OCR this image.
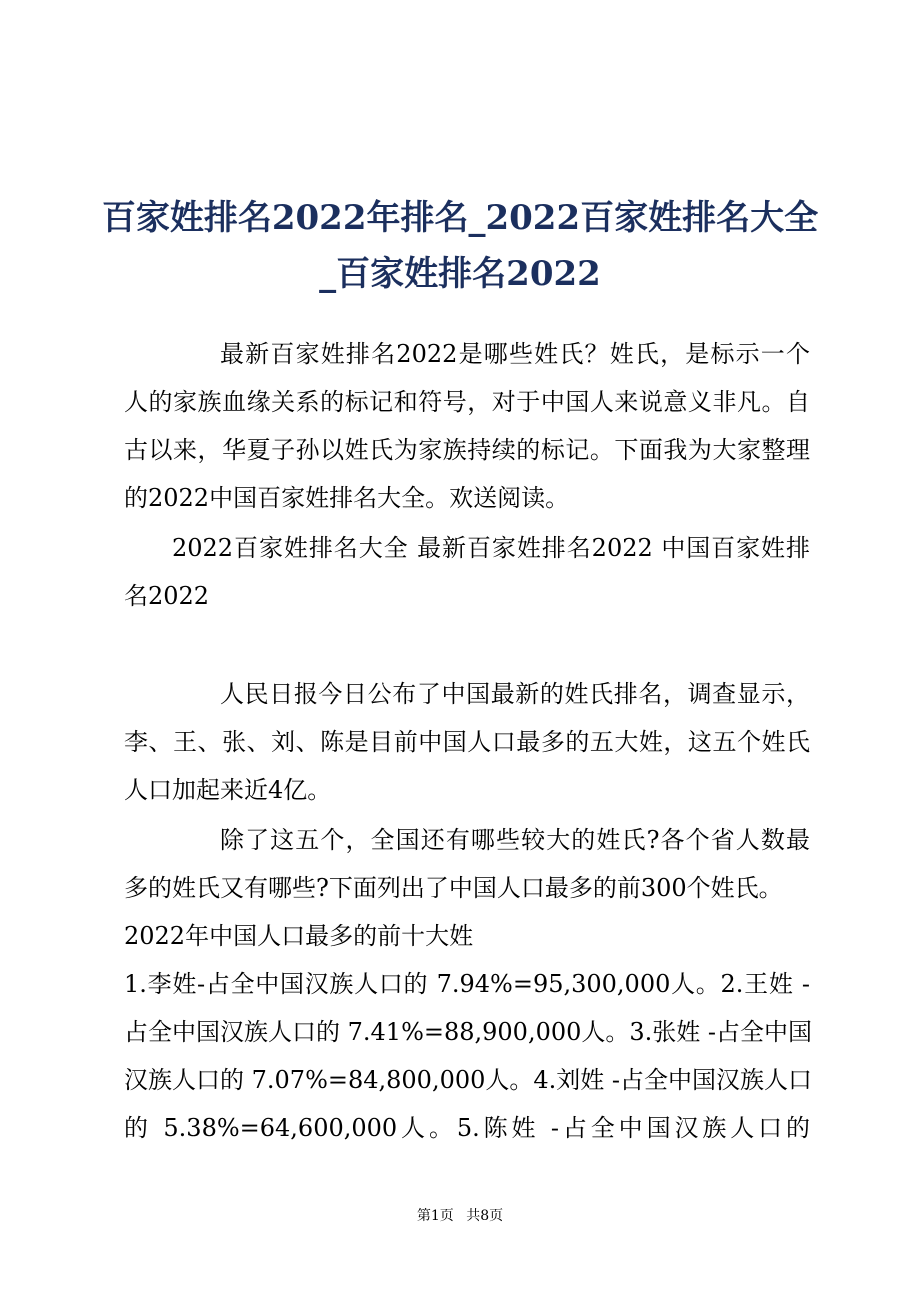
百家姓排名2022年排名_2022百家姓排名大全
_百家姓排名2022
最新百家姓排名2022是哪些姓氏？姓氏，是标示一个
人的家族血缘关系的标记和符号，对于中国人来说意义非凡。自
古以来，华夏子孙以姓氏为家族持续的标记。下面我为大家整理
的2022中国百家姓排名大全。欢送阅读。
2022百家姓排名大全 最新百家姓排名2022 中国百家姓排
名2022
人民日报今日公布了中国最新的姓氏排名，调查显示，
李、王、张、刘、陈是目前中国人口最多的五大姓，这五个姓氏
人口加起来近4亿。
除了这五个，全国还有哪些较大的姓氏?各个省人数最
多的姓氏又有哪些?下面列出了中国人口最多的前300个姓氏。
2022年中国人口最多的前十大姓
1.李姓-占全中国汉族人口的 7.94%=95,300,000人。2.王姓 -
占全中国汉族人口的 7.41%=88,900,000人。3.张姓 -占全中国
汉族人口的 7.07%=84,800,000人。4.刘姓 -占全中国汉族人口
的 5.38%=64,600,000人。5.陈姓 -占全中国汉族人口的
第1页 共8页
